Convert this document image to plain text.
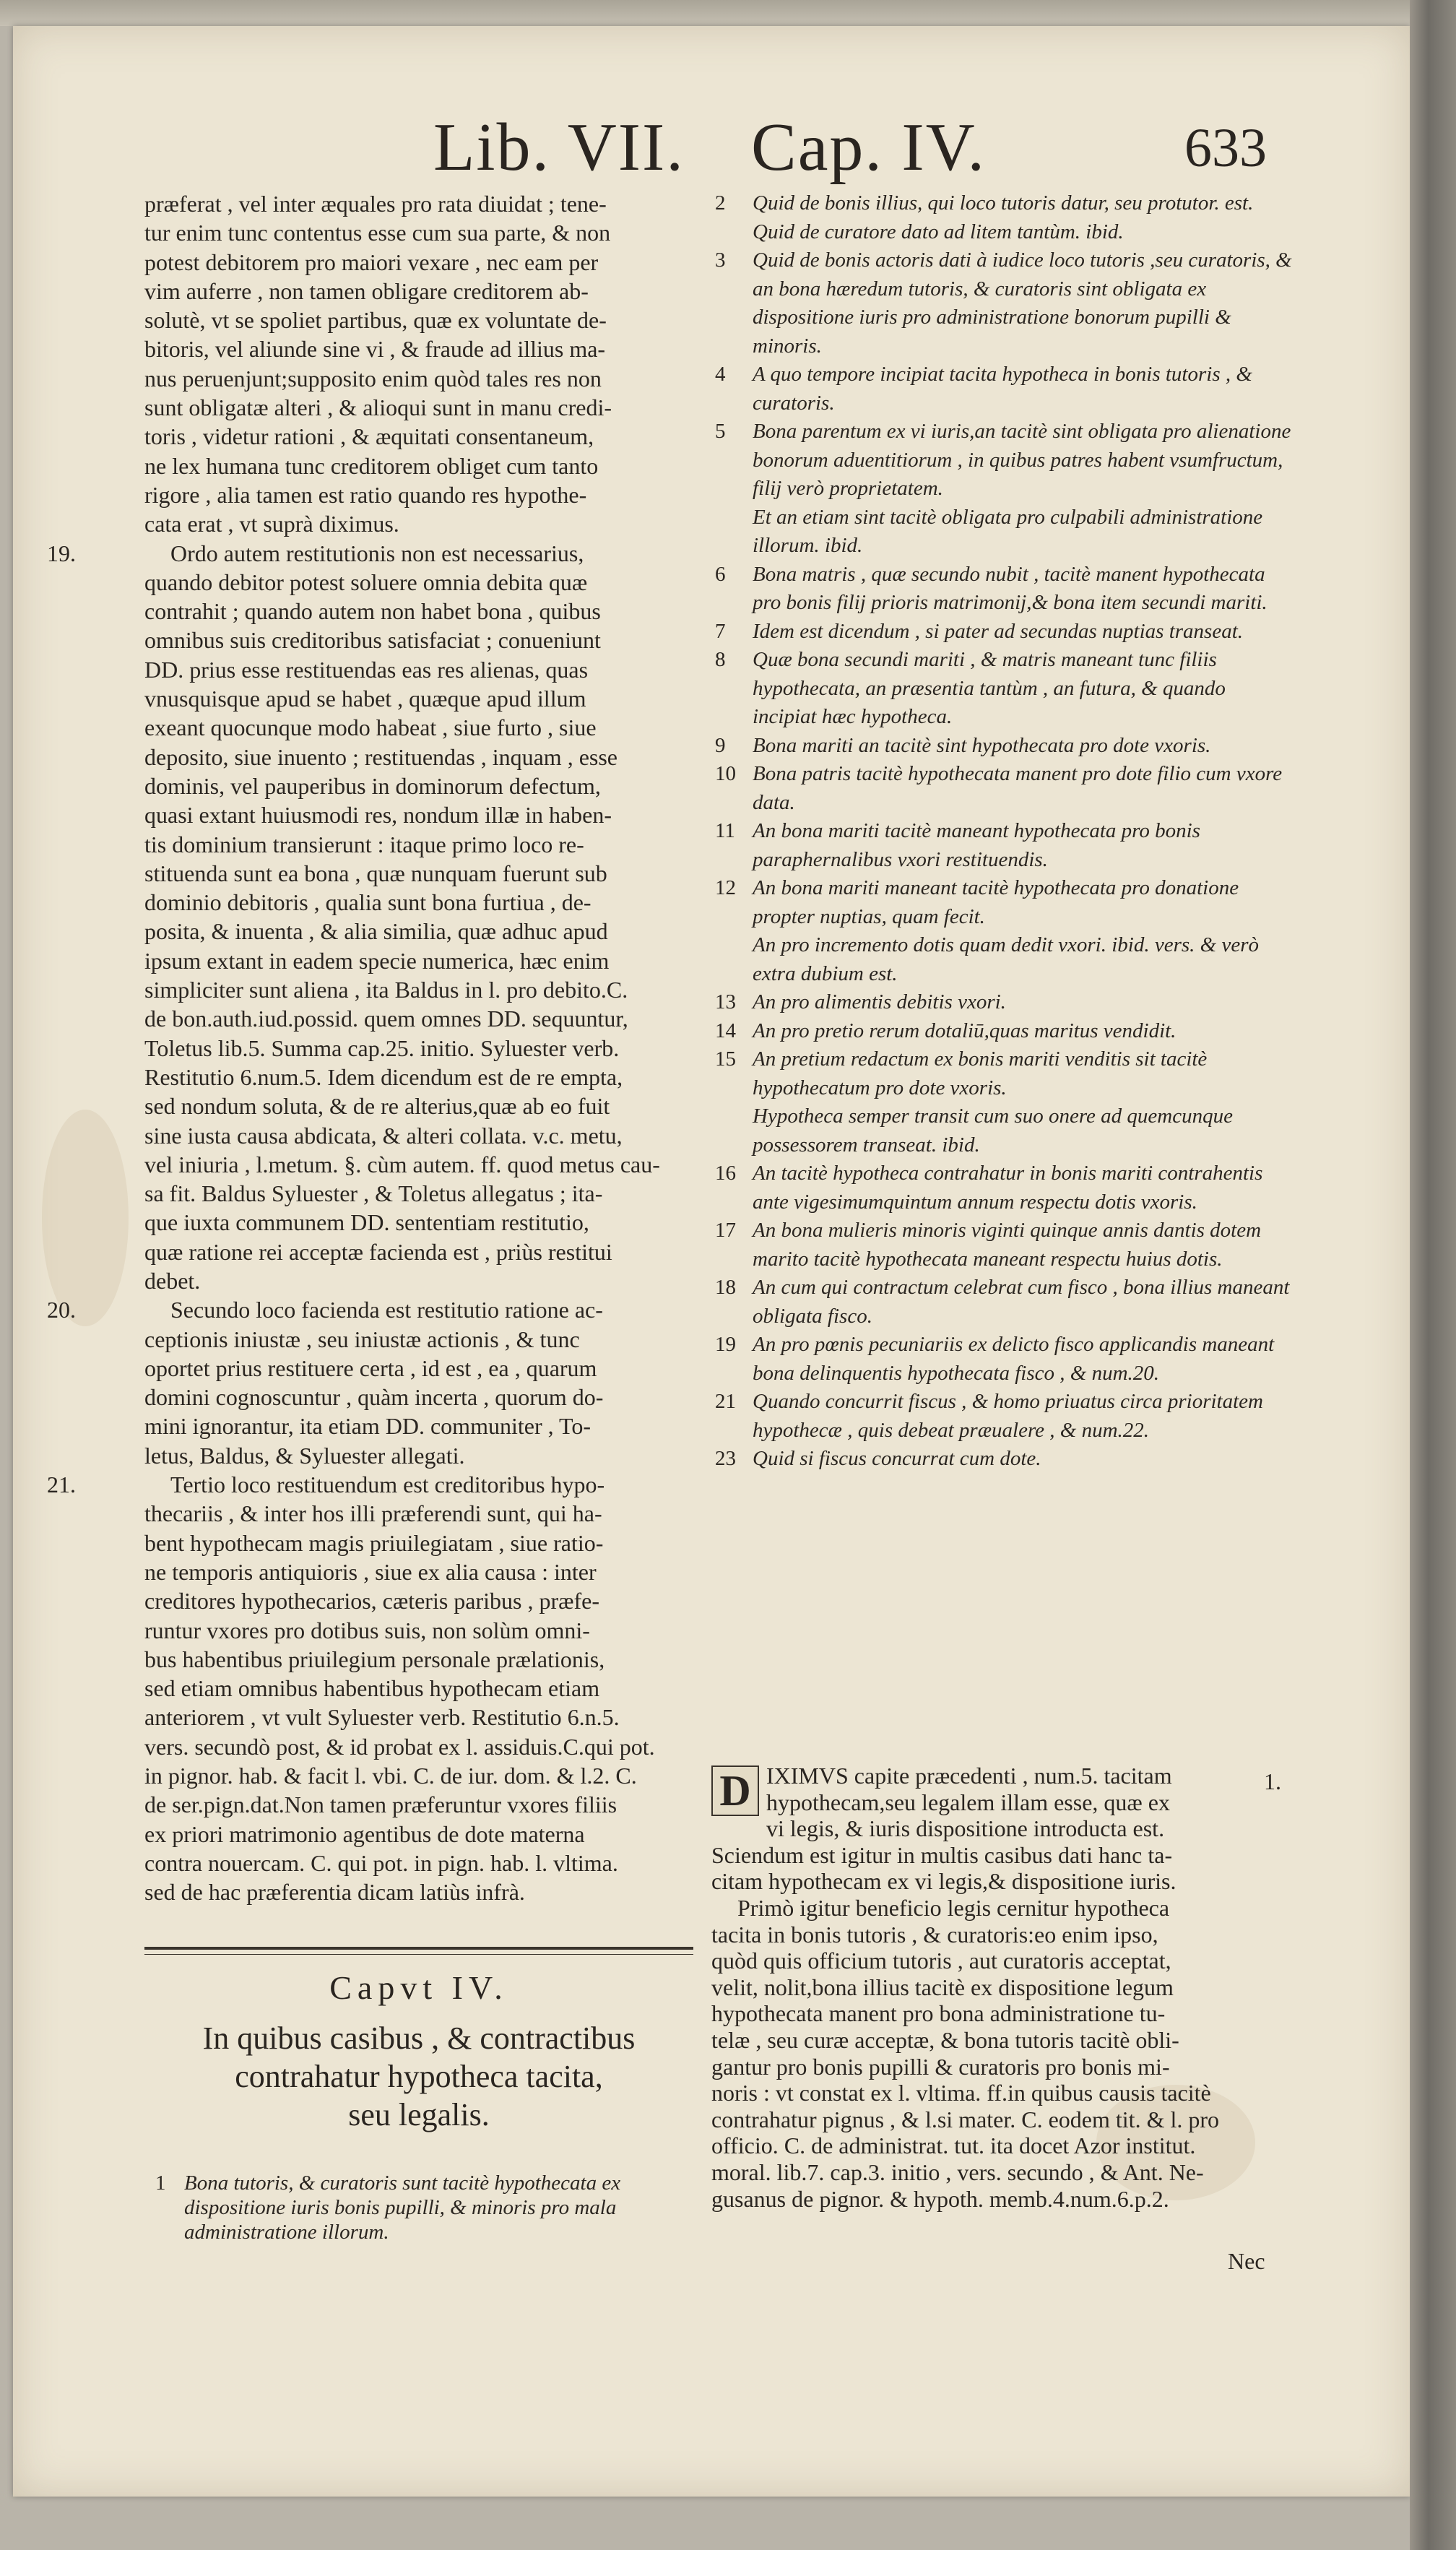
Lib. VII. Cap. IV.	633
præferat , vel inter æquales pro rata diuidat ; tene-
tur enim tunc contentus esse cum sua parte, & non
potest debitorem pro maiori vexare , nec eam per
vim auferre , non tamen obligare creditorem ab-
solutè, vt se spoliet partibus, quæ ex voluntate de-
bitoris, vel aliunde sine vi , & fraude ad illius ma-
nus peruenjunt;supposito enim quòd tales res non
sunt obligatæ alteri , & alioqui sunt in manu credi-
toris , videtur rationi , & æquitati consentaneum,
ne lex humana tunc creditorem obliget cum tanto
rigore , alia tamen est ratio quando res hypothe-
cata erat , vt suprà diximus.
19.	Ordo autem restitutionis non est necessarius,
quando debitor potest soluere omnia debita quæ
contrahit ; quando autem non habet bona , quibus
omnibus suis creditoribus satisfaciat ; conueniunt
DD. prius esse restituendas eas res alienas, quas
vnusquisque apud se habet , quæque apud illum
exeant quocunque modo habeat , siue furto , siue
deposito, siue inuento ; restituendas , inquam , esse
dominis, vel pauperibus in dominorum defectum,
quasi extant huiusmodi res, nondum illæ in haben-
tis dominium transierunt : itaque primo loco re-
stituenda sunt ea bona , quæ nunquam fuerunt sub
dominio debitoris , qualia sunt bona furtiua , de-
posita, & inuenta , & alia similia, quæ adhuc apud
ipsum extant in eadem specie numerica, hæc enim
simpliciter sunt aliena , ita Baldus in l. pro debito.C.
de bon.auth.iud.possid. quem omnes DD. sequuntur,
Toletus lib.5. Summa cap.25. initio. Syluester verb.
Restitutio 6.num.5. Idem dicendum est de re empta,
sed nondum soluta, & de re alterius,quæ ab eo fuit
sine iusta causa abdicata, & alteri collata. v.c. metu,
vel iniuria , l.metum. §. cùm autem. ff. quod metus cau-
sa fit. Baldus Syluester , & Toletus allegatus ; ita-
que iuxta communem DD. sententiam restitutio,
quæ ratione rei acceptæ facienda est , priùs restitui
debet.
20.	Secundo loco facienda est restitutio ratione ac-
ceptionis iniustæ , seu iniustæ actionis , & tunc
oportet prius restituere certa , id est , ea , quarum
domini cognoscuntur , quàm incerta , quorum do-
mini ignorantur, ita etiam DD. communiter , To-
letus, Baldus, & Syluester allegati.
21.	Tertio loco restituendum est creditoribus hypo-
thecariis , & inter hos illi præferendi sunt, qui ha-
bent hypothecam magis priuilegiatam , siue ratio-
ne temporis antiquioris , siue ex alia causa : inter
creditores hypothecarios, cæteris paribus , præfe-
runtur vxores pro dotibus suis, non solùm omni-
bus habentibus priuilegium personale prælationis,
sed etiam omnibus habentibus hypothecam etiam
anteriorem , vt vult Syluester verb. Restitutio 6.n.5.
vers. secundò post, & id probat ex l. assiduis.C.qui pot.
in pignor. hab. & facit l. vbi. C. de iur. dom. & l.2. C.
de ser.pign.dat.Non tamen præferuntur vxores filiis
ex priori matrimonio agentibus de dote materna
contra nouercam. C. qui pot. in pign. hab. l. vltima.
sed de hac præferentia dicam latiùs infrà.
Capvt IV.
In quibus casibus , & contractibus
contrahatur hypotheca tacita,
seu legalis.
1 Bona tutoris, & curatoris sunt tacitè hypothecata ex dispositione iuris bonis pupilli, & minoris pro mala administratione illorum.
2 Quid de bonis illius, qui loco tutoris datur, seu protutor. est.
Quid de curatore dato ad litem tantùm. ibid.
3 Quid de bonis actoris dati à iudice loco tutoris ,seu curatoris, & an bona hæredum tutoris, & curatoris sint obligata ex dispositione iuris pro administratione bonorum pupilli & minoris.
4 A quo tempore incipiat tacita hypotheca in bonis tutoris , & curatoris.
5 Bona parentum ex vi iuris,an tacitè sint obligata pro alienatione bonorum aduentitiorum , in quibus patres habent vsumfructum, filij verò proprietatem.
Et an etiam sint tacitè obligata pro culpabili administratione illorum. ibid.
6 Bona matris , quæ secundo nubit , tacitè manent hypothecata pro bonis filij prioris matrimonij,& bona item secundi mariti.
7 Idem est dicendum , si pater ad secundas nuptias transeat.
8 Quæ bona secundi mariti , & matris maneant tunc filiis hypothecata, an præsentia tantùm , an futura, & quando incipiat hæc hypotheca.
9 Bona mariti an tacitè sint hypothecata pro dote vxoris.
10 Bona patris tacitè hypothecata manent pro dote filio cum vxore data.
11 An bona mariti tacitè maneant hypothecata pro bonis paraphernalibus vxori restituendis.
12 An bona mariti maneant tacitè hypothecata pro donatione propter nuptias, quam fecit.
An pro incremento dotis quam dedit vxori. ibid. vers. & verò extra dubium est.
13 An pro alimentis debitis vxori.
14 An pro pretio rerum dotaliū,quas maritus vendidit.
15 An pretium redactum ex bonis mariti venditis sit tacitè hypothecatum pro dote vxoris.
Hypotheca semper transit cum suo onere ad quemcunque possessorem transeat. ibid.
16 An tacitè hypotheca contrahatur in bonis mariti contrahentis ante vigesimumquintum annum respectu dotis vxoris.
17 An bona mulieris minoris viginti quinque annis dantis dotem marito tacitè hypothecata maneant respectu huius dotis.
18 An cum qui contractum celebrat cum fisco , bona illius maneant obligata fisco.
19 An pro pœnis pecuniariis ex delicto fisco applicandis maneant bona delinquentis hypothecata fisco , & num.20.
21 Quando concurrit fiscus , & homo priuatus circa prioritatem hypothecæ , quis debeat præualere , & num.22.
23 Quid si fiscus concurrat cum dote.
1.
D IXIMVS capite præcedenti , num.5. tacitam
hypothecam,seu legalem illam esse, quæ ex
vi legis, & iuris dispositione introducta est.
Sciendum est igitur in multis casibus dati hanc ta-
citam hypothecam ex vi legis,& dispositione iuris.
Primò igitur beneficio legis cernitur hypotheca
tacita in bonis tutoris , & curatoris:eo enim ipso,
quòd quis officium tutoris , aut curatoris acceptat,
velit, nolit,bona illius tacitè ex dispositione legum
hypothecata manent pro bona administratione tu-
telæ , seu curæ acceptæ, & bona tutoris tacitè obli-
gantur pro bonis pupilli & curatoris pro bonis mi-
noris : vt constat ex l. vltima. ff.in quibus causis tacitè
contrahatur pignus , & l.si mater. C. eodem tit. & l. pro
officio. C. de administrat. tut. ita docet Azor institut.
moral. lib.7. cap.3. initio , vers. secundo , & Ant. Ne-
gusanus de pignor. & hypoth. memb.4.num.6.p.2.
Nec
